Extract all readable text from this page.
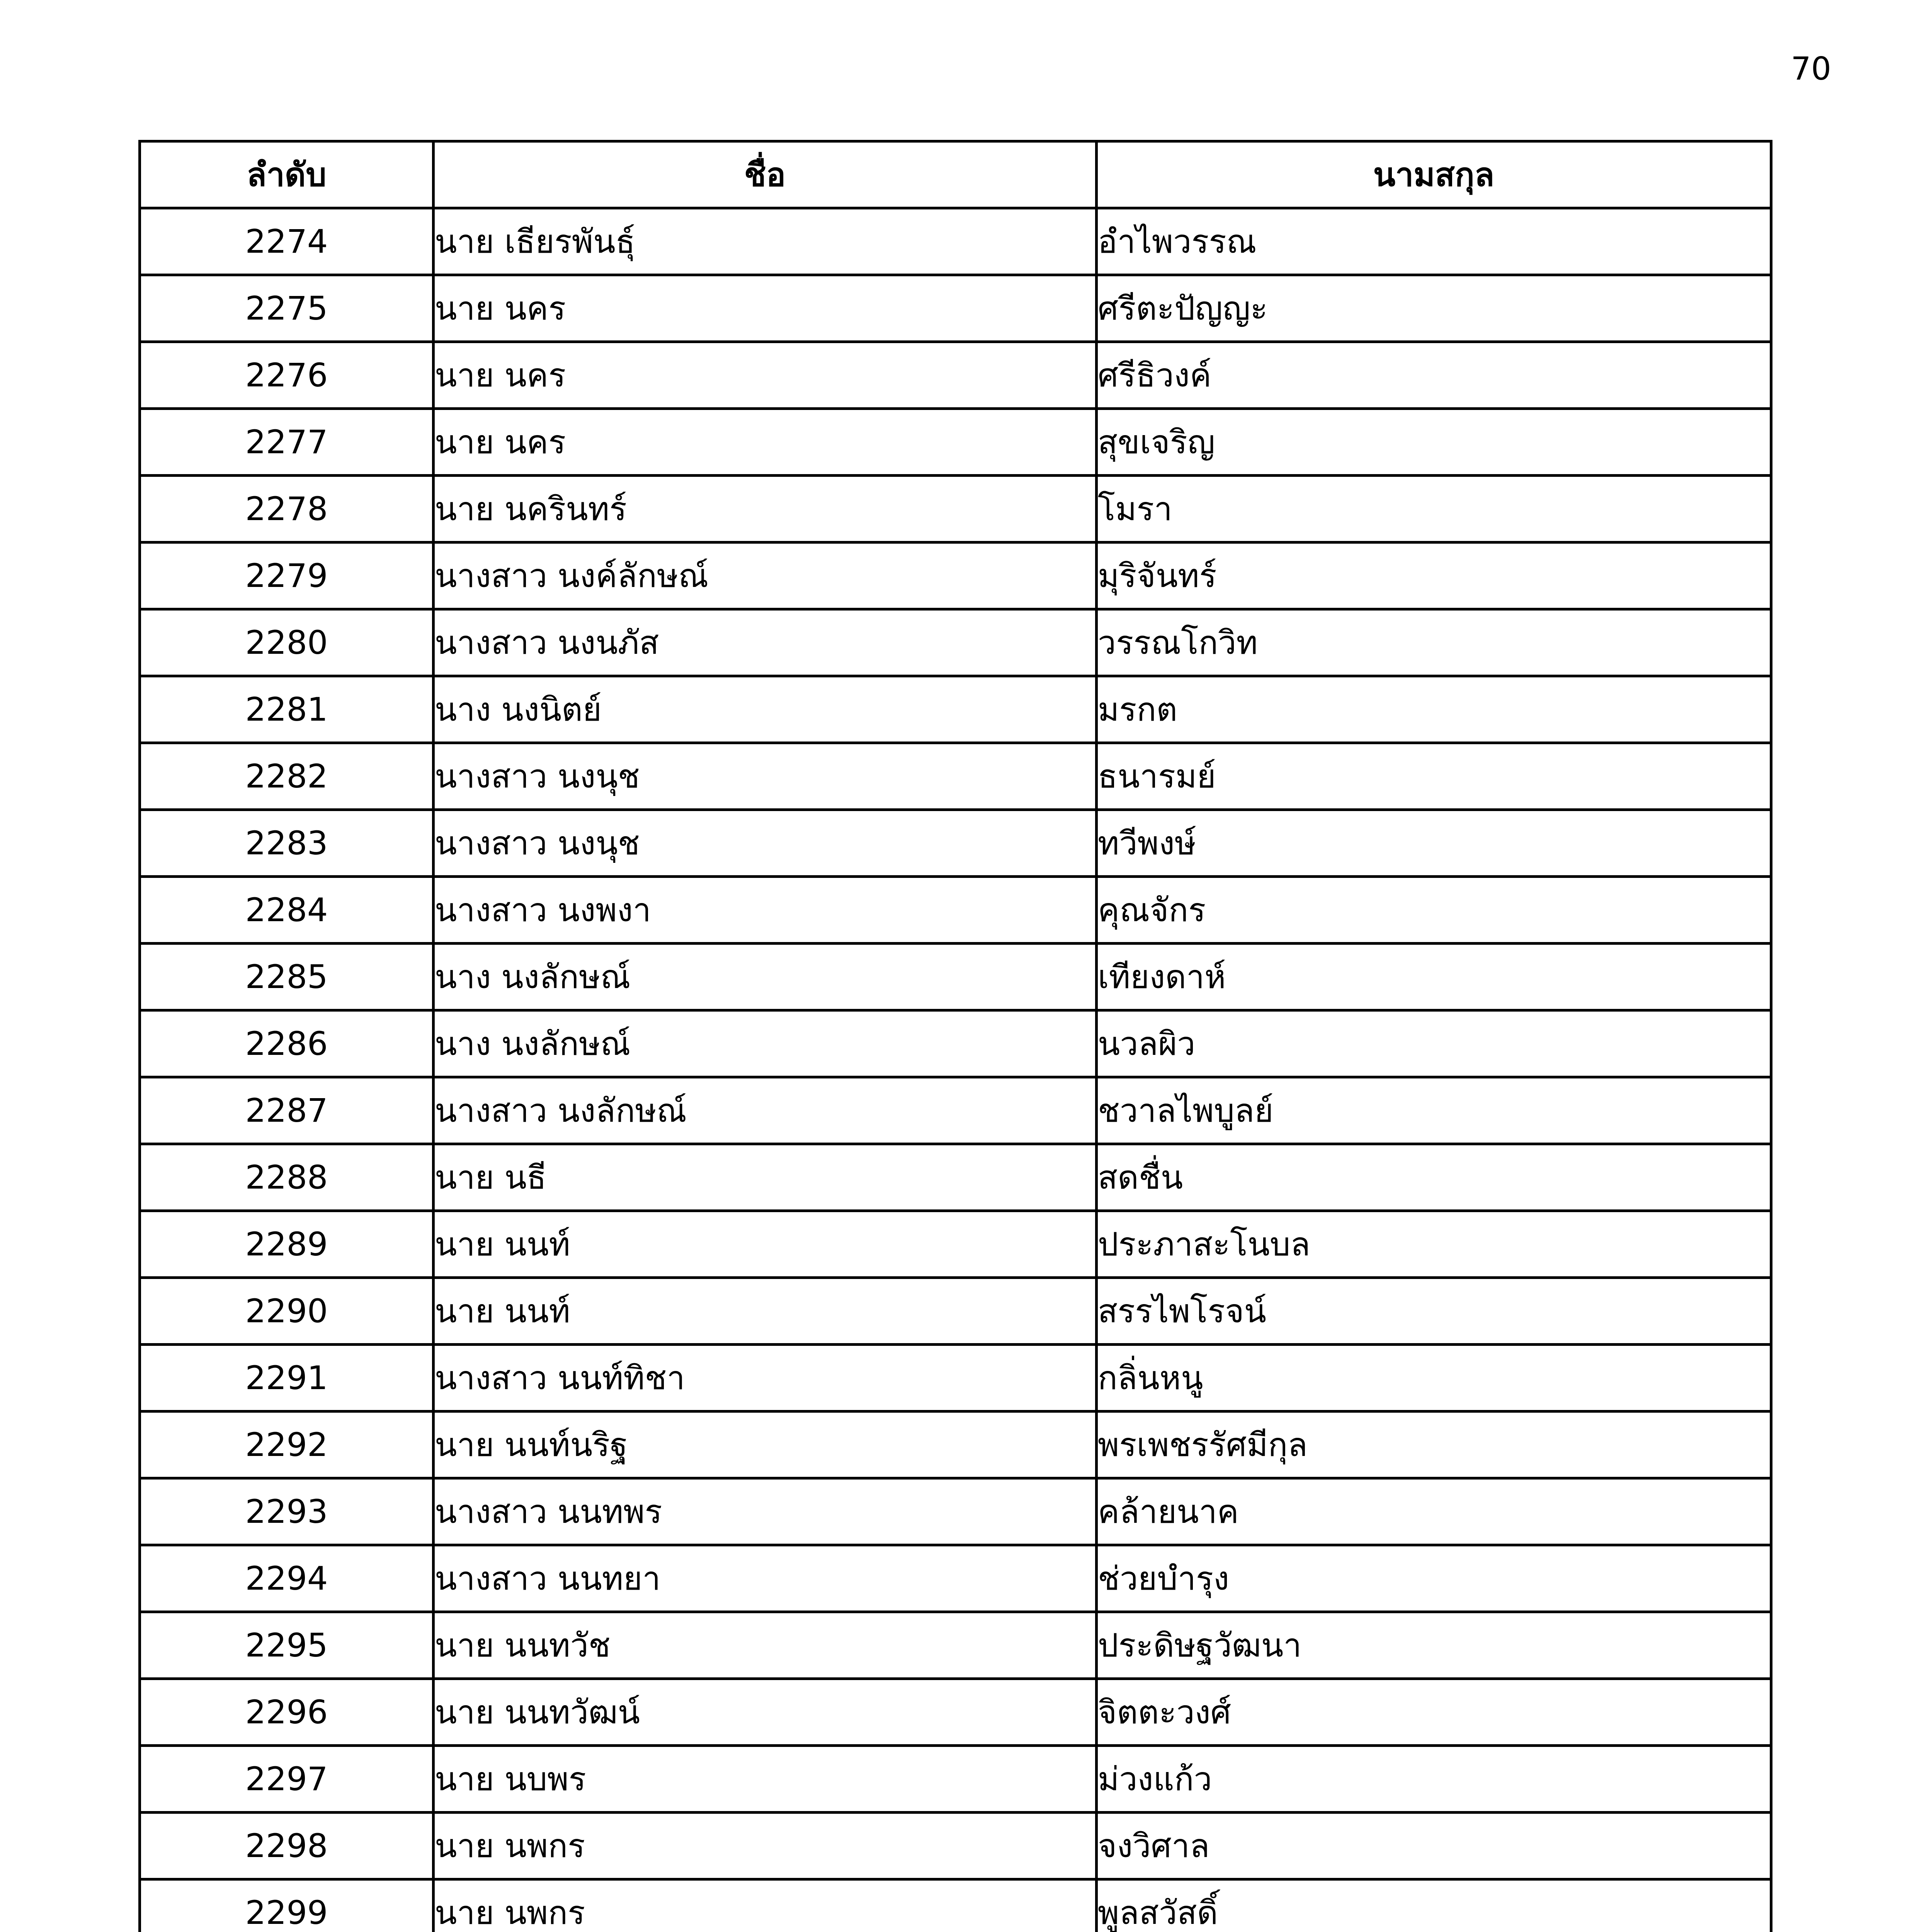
70
ลำดับ	ชื่อ	นามสกุล
2274	นาย เธียรพันธุ์	อำไพวรรณ
2275	นาย นคร	ศรีตะปัญญะ
2276	นาย นคร	ศรีธิวงค์
2277	นาย นคร	สุขเจริญ
2278	นาย นครินทร์	โมรา
2279	นางสาว นงค์ลักษณ์	มุริจันทร์
2280	นางสาว นงนภัส	วรรณโกวิท
2281	นาง นงนิตย์	มรกต
2282	นางสาว นงนุช	ธนารมย์
2283	นางสาว นงนุช	ทวีพงษ์
2284	นางสาว นงพงา	คุณจักร
2285	นาง นงลักษณ์	เทียงดาห์
2286	นาง นงลักษณ์	นวลผิว
2287	นางสาว นงลักษณ์	ชวาลไพบูลย์
2288	นาย นธี	สดชื่น
2289	นาย นนท์	ประภาสะโนบล
2290	นาย นนท์	สรรไพโรจน์
2291	นางสาว นนท์ทิชา	กลิ่นหนู
2292	นาย นนท์นริฐ	พรเพชรรัศมีกุล
2293	นางสาว นนทพร	คล้ายนาค
2294	นางสาว นนทยา	ช่วยบำรุง
2295	นาย นนทวัช	ประดิษฐวัฒนา
2296	นาย นนทวัฒน์	จิตตะวงศ์
2297	นาย นบพร	ม่วงแก้ว
2298	นาย นพกร	จงวิศาล
2299	นาย นพกร	พูลสวัสดิ์
